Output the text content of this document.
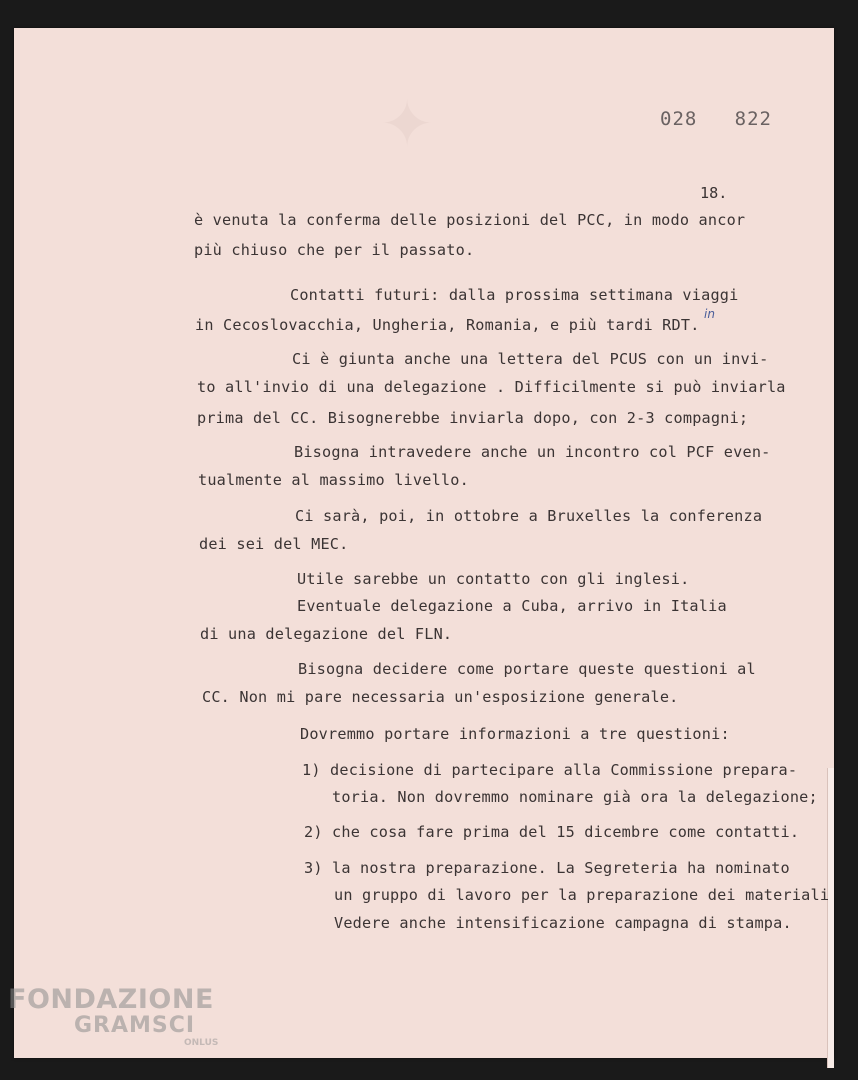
✦	028   822
18.
in
è venuta la conferma delle posizioni del PCC, in modo ancor
più chiuso che per il passato.
Contatti futuri: dalla prossima settimana viaggi
in Cecoslovacchia, Ungheria, Romania, e più tardi RDT.
Ci è giunta anche una lettera del PCUS con un invi-
to all'invio di una delegazione . Difficilmente si può inviarla
prima del CC. Bisognerebbe inviarla dopo, con 2-3 compagni;
Bisogna intravedere anche un incontro col PCF even-
tualmente al massimo livello.
Ci sarà, poi, in ottobre a Bruxelles la conferenza
dei sei del MEC.
Utile sarebbe un contatto con gli inglesi.
Eventuale delegazione a Cuba, arrivo in Italia
di una delegazione del FLN.
Bisogna decidere come portare queste questioni al
CC. Non mi pare necessaria un'esposizione generale.
Dovremmo portare informazioni a tre questioni:
1) decisione di partecipare alla Commissione prepara-
toria. Non dovremmo nominare già ora la delegazione;
2) che cosa fare prima del 15 dicembre come contatti.
3) la nostra preparazione. La Segreteria ha nominato
un gruppo di lavoro per la preparazione dei materiali
Vedere anche intensificazione campagna di stampa.
FONDAZIONE
GRAMSCI
ONLUS
